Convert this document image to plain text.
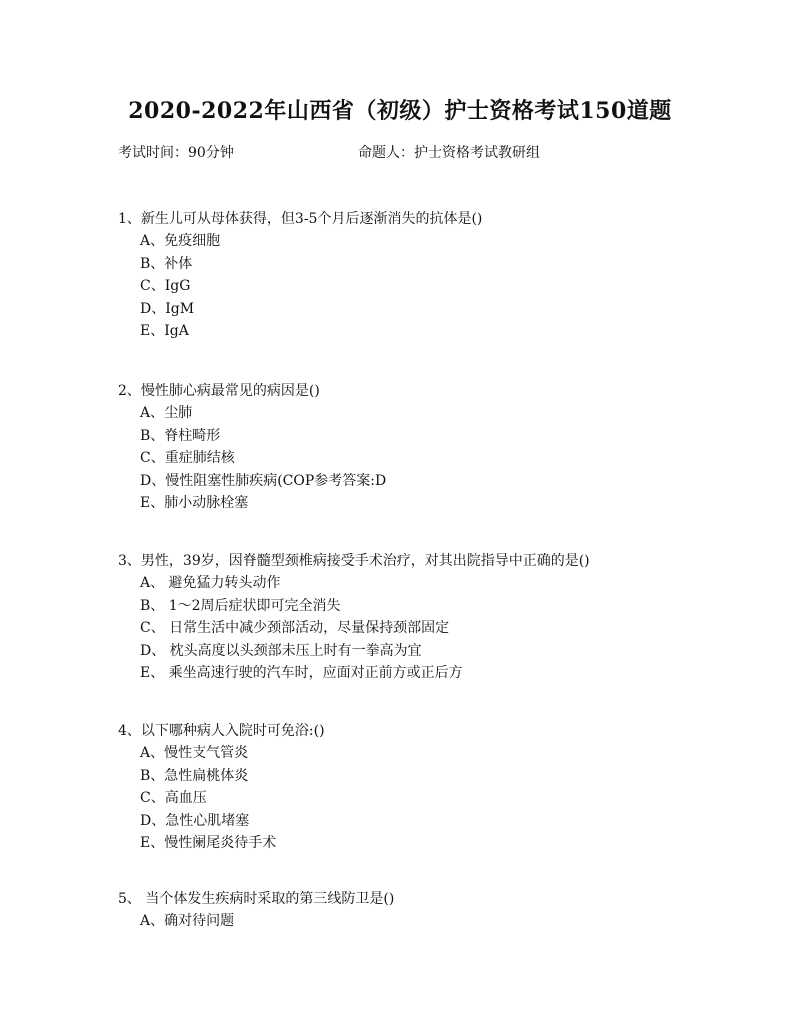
2020-2022年山西省（初级）护士资格考试150道题
考试时间：90分钟	命题人：护士资格考试教研组
1、新生儿可从母体获得，但3-5个月后逐渐消失的抗体是()
A、免疫细胞
B、补体
C、IgG
D、IgM
E、IgA
2、慢性肺心病最常见的病因是()
A、尘肺
B、脊柱畸形
C、重症肺结核
D、慢性阻塞性肺疾病(COP参考答案:D
E、肺小动脉栓塞
3、男性，39岁，因脊髓型颈椎病接受手术治疗，对其出院指导中正确的是()
A、 避免猛力转头动作
B、 1～2周后症状即可完全消失
C、 日常生活中减少颈部活动，尽量保持颈部固定
D、 枕头高度以头颈部未压上时有一拳高为宜
E、 乘坐高速行驶的汽车时，应面对正前方或正后方
4、以下哪种病人入院时可免浴:()
A、慢性支气管炎
B、急性扁桃体炎
C、高血压
D、急性心肌堵塞
E、慢性阑尾炎待手术
5、 当个体发生疾病时采取的第三线防卫是()
A、确对待问题
